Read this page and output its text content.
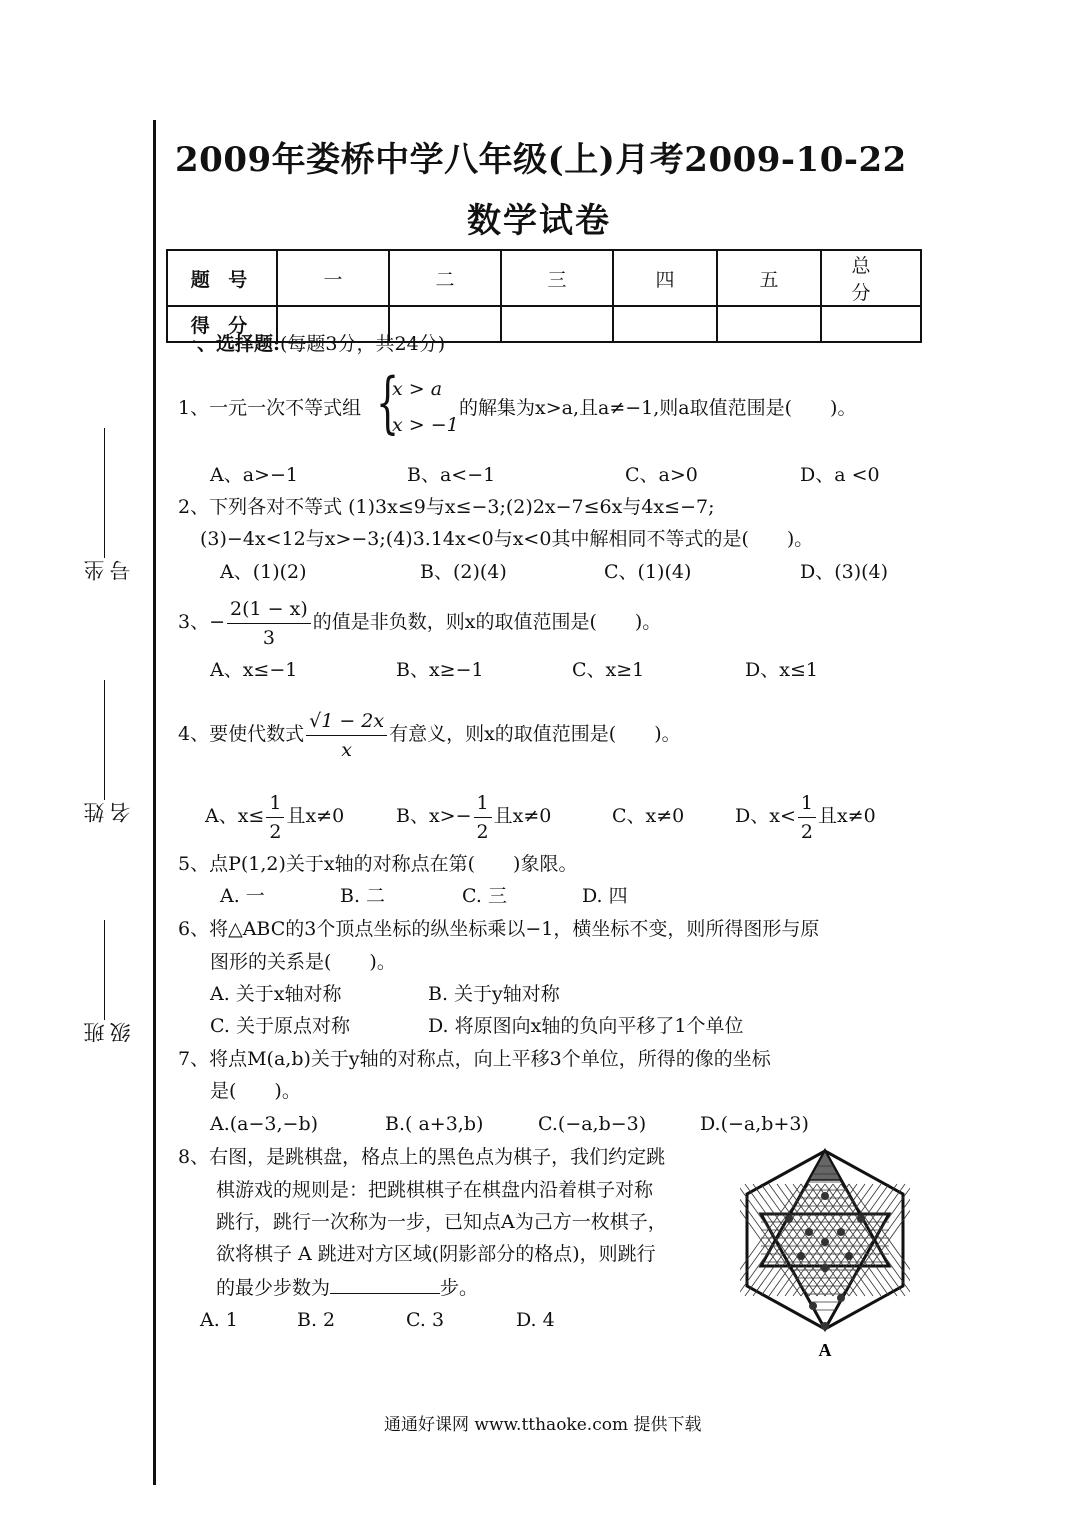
坐号
姓名
班级
2009年娄桥中学八年级(上)月考2009-10-22
数学试卷
题 号	一	二	三	四	五	总 分
得 分						
一、选择题:(每题3分，共24分)
1、一元一次不等式组 {
x > a
x > −1
的解集为x>a,且a≠−1,则a取值范围是(　　)。
A、a>−1	B、a<−1	C、a>0	D、a <0
2、下列各对不等式 (1)3x≤9与x≤−3;(2)2x−7≤6x与4x≤−7;
(3)−4x<12与x>−3;(4)3.14x<0与x<0其中解相同不等式的是(　　)。
A、(1)(2)	B、(2)(4)	C、(1)(4)	D、(3)(4)
3、− $\frac{2(1 - x)}{3}$ 的值是非负数，则x的取值范围是(　　)。
A、x≤−1	B、x≥−1	C、x≥1	D、x≤1
4、要使代数式 $\frac{√1 - 2x}{x}$ 有意义，则x的取值范围是(　　)。
A、$x\le \frac{1}{2}$ 且x≠0	B、$x>- \frac{1}{2}$ 且x≠0	C、x≠0	D、$x< \frac{1}{2}$ 且x≠0
5、点P(1,2)关于x轴的对称点在第(　　)象限。
A. 一	B. 二	C. 三	D. 四
6、将△ABC的3个顶点坐标的纵坐标乘以−1，横坐标不变，则所得图形与原
图形的关系是(　　)。
A. 关于x轴对称	B. 关于y轴对称
C. 关于原点对称	D. 将原图向x轴的负向平移了1个单位
7、将点M(a,b)关于y轴的对称点，向上平移3个单位，所得的像的坐标
是(　　)。
A.(a−3,−b)	B.( a+3,b)	C.(−a,b−3)	D.(−a,b+3)
8、右图，是跳棋盘，格点上的黑色点为棋子，我们约定跳
棋游戏的规则是：把跳棋棋子在棋盘内沿着棋子对称
跳行，跳行一次称为一步，已知点A为己方一枚棋子，
欲将棋子 A 跳进对方区域(阴影部分的格点)，则跳行
的最少步数为	步。
A. 1	B. 2	C. 3	D. 4
A
通通好课网 www.tthaoke.com 提供下载
